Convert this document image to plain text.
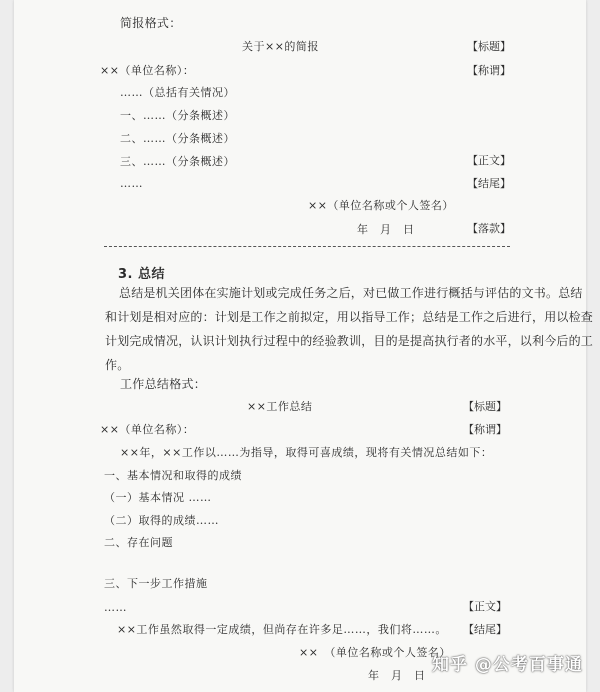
简报格式：
关于××的简报	【标题】
××（单位名称）：	【称谓】
……（总括有关情况）
一、……（分条概述）
二、……（分条概述）
三、……（分条概述）	【正文】
……	【结尾】
××（单位名称或个人签名）
年　月　日	【落款】
3. 总结
总结是机关团体在实施计划或完成任务之后，对已做工作进行概括与评估的文书。总结
和计划是相对应的：计划是工作之前拟定，用以指导工作；总结是工作之后进行，用以检查
计划完成情况，认识计划执行过程中的经验教训，目的是提高执行者的水平，以利今后的工
作。
工作总结格式：
××工作总结	【标题】
××（单位名称）：	【称谓】
××年，××工作以……为指导，取得可喜成绩，现将有关情况总结如下：
一、基本情况和取得的成绩
（一）基本情况 ……
（二）取得的成绩……
二、存在问题
三、下一步工作措施
……	【正文】
××工作虽然取得一定成绩，但尚存在许多足……，我们将……。 【结尾】
××　（单位名称或个人签名）
年　月　日
知乎 @公考百事通
